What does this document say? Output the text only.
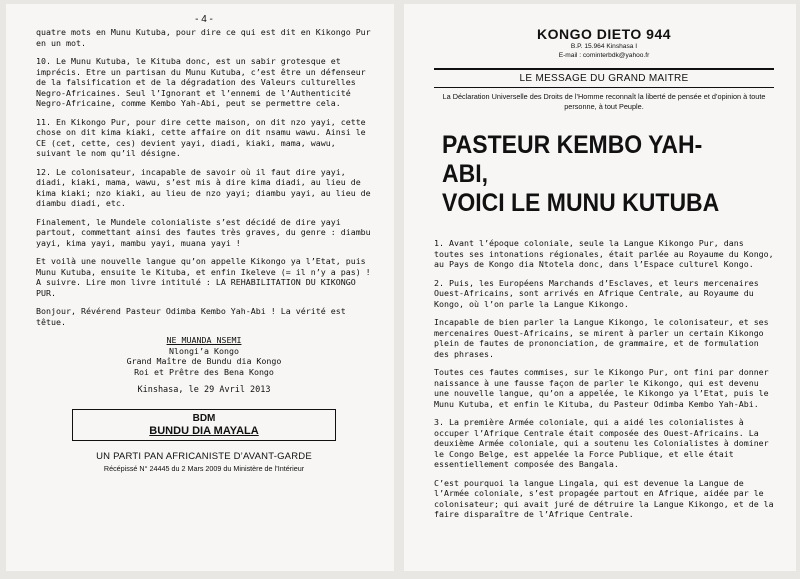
- 4 -

quatre mots en Munu Kutuba, pour dire ce qui est dit en Kikongo Pur en un mot.

10. Le Munu Kutuba, le Kituba donc, est un sabir grotesque et imprécis. Etre un partisan du Munu Kutuba, c’est être un défenseur de la falsification et de la dégradation des Valeurs culturelles Negro-Africaines. Seul l’Ignorant et l’ennemi de l’Authenticité Negro-Africaine, comme Kembo Yah-Abi, peut se permettre cela.

11. En Kikongo Pur, pour dire cette maison, on dit nzo yayi, cette chose on dit kima kiaki, cette affaire on dit nsamu wawu. Ainsi le CE (cet, cette, ces) devient yayi, diadi, kiaki, mama, wawu, suivant le nom qu’il désigne.

12. Le colonisateur, incapable de savoir où il faut dire yayi, diadi, kiaki, mama, wawu, s’est mis à dire kima diadi, au lieu de kima kiaki; nzo kiaki, au lieu de nzo yayi; diambu yayi, au lieu de diambu diadi, etc.

Finalement, le Mundele colonialiste s’est décidé de dire yayi partout, commettant ainsi des fautes très graves, du genre : diambu yayi, kima yayi, mambu yayi, muana yayi !

Et voilà une nouvelle langue qu’on appelle Kikongo ya l’Etat, puis Munu Kutuba, ensuite le Kituba, et enfin Ikeleve (= il n’y a pas) ! A suivre. Lire mon livre intitulé : LA REHABILITATION DU KIKONGO PUR.

Bonjour, Révérend Pasteur Odimba Kembo Yah-Abi ! La vérité est têtue.

NE MUANDA NSEMI
Nlongi’a Kongo
Grand Maître de Bundu dia Kongo
Roi et Prêtre des Bena Kongo
Kinshasa, le 29 Avril 2013
BDM
BUNDU DIA MAYALA
UN PARTI PAN AFRICANISTE D’AVANT-GARDE
Récépissé N° 24445 du 2 Mars 2009 du Ministère de l’Intérieur
KONGO DIETO 944
B.P. 15.964 Kinshasa I
E-mail : cominterbdk@yahoo.fr
LE MESSAGE DU GRAND MAITRE
La Déclaration Universelle des Droits de l’Homme reconnaît la liberté de pensée et d’opinion à toute personne, à tout Peuple.
PASTEUR KEMBO YAH-ABI,
VOICI LE MUNU KUTUBA

1. Avant l’époque coloniale, seule la Langue Kikongo Pur, dans toutes ses intonations régionales, était parlée au Royaume du Kongo, au Pays de Kongo dia Ntotela donc, dans l’Espace culturel Kongo.

2. Puis, les Européens Marchands d’Esclaves, et leurs mercenaires Ouest-Africains, sont arrivés en Afrique Centrale, au Royaume du Kongo, où l’on parle la Langue Kikongo.

Incapable de bien parler la Langue Kikongo, le colonisateur, et ses mercenaires Ouest-Africains, se mirent à parler un certain Kikongo plein de fautes de prononciation, de grammaire, et de formulation des phrases.

Toutes ces fautes commises, sur le Kikongo Pur, ont fini par donner naissance à une fausse façon de parler le Kikongo, qui est devenu une nouvelle langue, qu’on a appelée, le Kikongo ya l’Etat, puis le Munu Kutuba, et enfin le Kituba, du Pasteur Odimba Kembo Yah-Abi.

3. La première Armée coloniale, qui a aidé les colonialistes à occuper l’Afrique Centrale était composée des Ouest-Africains. La deuxième Armée coloniale, qui a soutenu les Colonialistes à dominer le Congo Belge, est appelée la Force Publique, et elle était essentiellement composée des Bangala.

C’est pourquoi la langue Lingala, qui est devenue la Langue de l’Armée coloniale, s’est propagée partout en Afrique, aidée par le colonisateur; qui avait juré de détruire la Langue Kikongo, et de la faire disparaître de l’Afrique Centrale.
